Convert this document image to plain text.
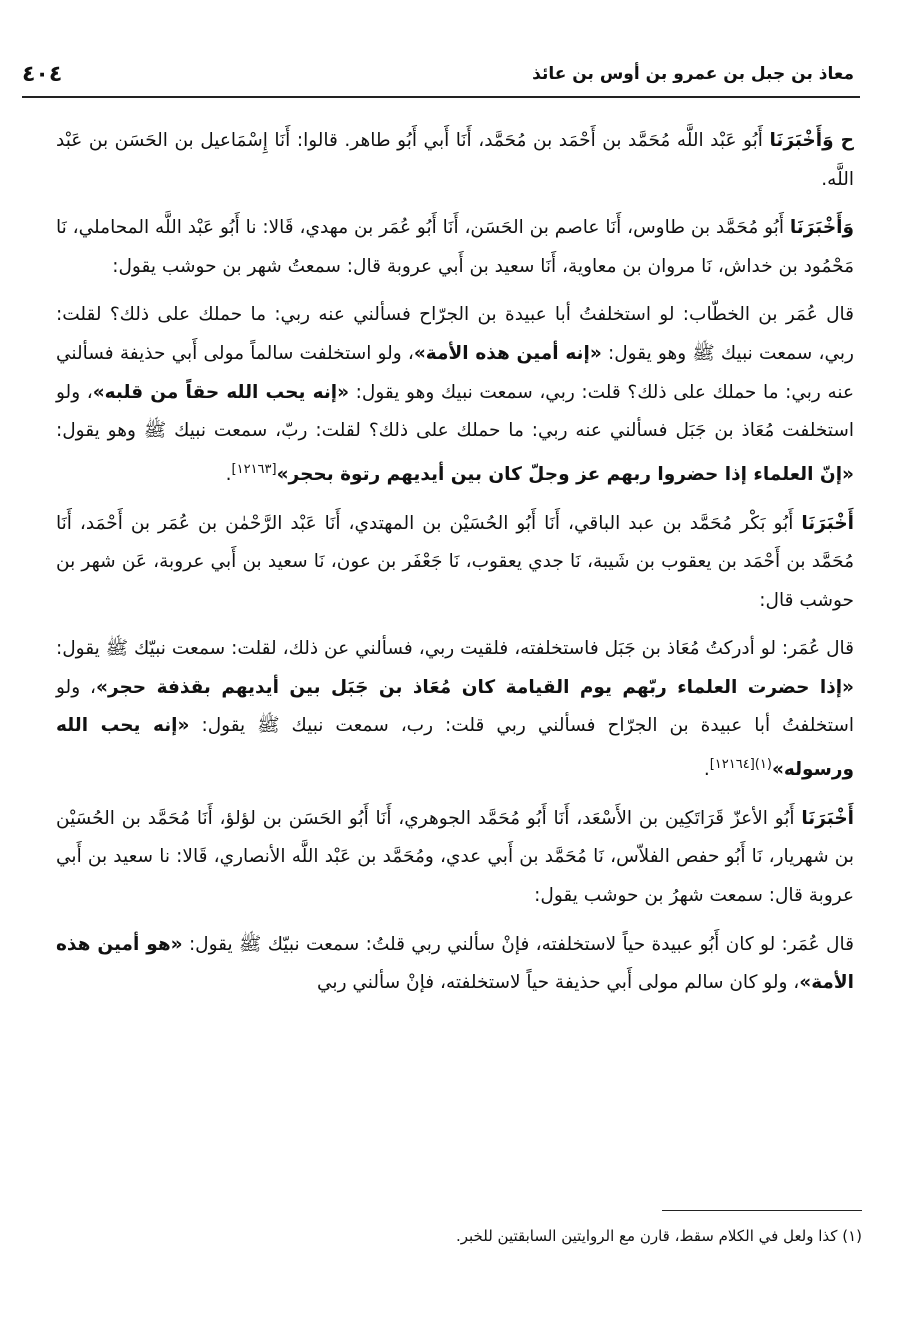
معاذ بن جبل بن عمرو بن أوس بن عائذ
٤٠٤

ح وَأَخْبَرَنَا أَبُو عَبْد اللَّه مُحَمَّد بن أَحْمَد بن مُحَمَّد، أَنَا أَبي أَبُو طاهر. قالوا: أَنَا إِسْمَاعيل بن الحَسَن بن عَبْد اللَّه.

وَأَخْبَرَنَا أَبُو مُحَمَّد بن طاوس، أَنَا عاصم بن الحَسَن، أَنَا أَبُو عُمَر بن مهدي، قَالا: نا أَبُو عَبْد اللَّه المحاملي، نَا مَحْمُود بن خداش، نَا مروان بن معاوية، أَنَا سعيد بن أَبي عروبة قال: سمعتُ شهر بن حوشب يقول:

قال عُمَر بن الخطّاب: لو استخلفتُ أبا عبيدة بن الجرّاح فسألني عنه ربي: ما حملك على ذلك؟ لقلت: ربي، سمعت نبيك ﷺ وهو يقول: «إنه أمين هذه الأمة»، ولو استخلفت سالماً مولى أَبي حذيفة فسألني عنه ربي: ما حملك على ذلك؟ قلت: ربي، سمعت نبيك وهو يقول: «إنه يحب الله حقاً من قلبه»، ولو استخلفت مُعَاذ بن جَبَل فسألني عنه ربي: ما حملك على ذلك؟ لقلت: ربّ، سمعت نبيك ﷺ وهو يقول: «إنّ العلماء إذا حضروا ربهم عز وجلّ كان بين أيديهم رتوة بحجر»[١٢١٦٣].

أَخْبَرَنَا أَبُو بَكْر مُحَمَّد بن عبد الباقي، أَنَا أَبُو الحُسَيْن بن المهتدي، أَنَا عَبْد الرَّحْمٰن بن عُمَر بن أَحْمَد، أَنَا مُحَمَّد بن أَحْمَد بن يعقوب بن شَيبة، نَا جدي يعقوب، نَا جَعْفَر بن عون، نَا سعيد بن أَبي عروبة، عَن شهر بن حوشب قال:

قال عُمَر: لو أدركتُ مُعَاذ بن جَبَل فاستخلفته، فلقيت ربي، فسألني عن ذلك، لقلت: سمعت نبيّك ﷺ يقول: «إذا حضرت العلماء ربّهم يوم القيامة كان مُعَاذ بن جَبَل بين أيديهم بقذفة حجر»، ولو استخلفتُ أبا عبيدة بن الجرّاح فسألني ربي قلت: رب، سمعت نبيك ﷺ يقول: «إنه يحب الله ورسوله»$^{(١)[١٢١٦٤]}$.

أَخْبَرَنَا أَبُو الأعزّ قَرَاتَكِين بن الأَسْعَد، أَنَا أَبُو مُحَمَّد الجوهري، أَنَا أَبُو الحَسَن بن لؤلؤ، أَنَا مُحَمَّد بن الحُسَيْن بن شهريار، نَا أَبُو حفص الفلاّس، نَا مُحَمَّد بن أَبي عدي، ومُحَمَّد بن عَبْد اللَّه الأنصاري، قَالا: نا سعيد بن أَبي عروبة قال: سمعت شهرُ بن حوشب يقول:

قال عُمَر: لو كان أَبُو عبيدة حياً لاستخلفته، فإنْ سألني ربي قلتُ: سمعت نبيّك ﷺ يقول: «هو أمين هذه الأمة»، ولو كان سالم مولى أَبي حذيفة حياً لاستخلفته، فإنْ سألني ربي

(١) كذا ولعل في الكلام سقط، قارن مع الروايتين السابقتين للخبر.
